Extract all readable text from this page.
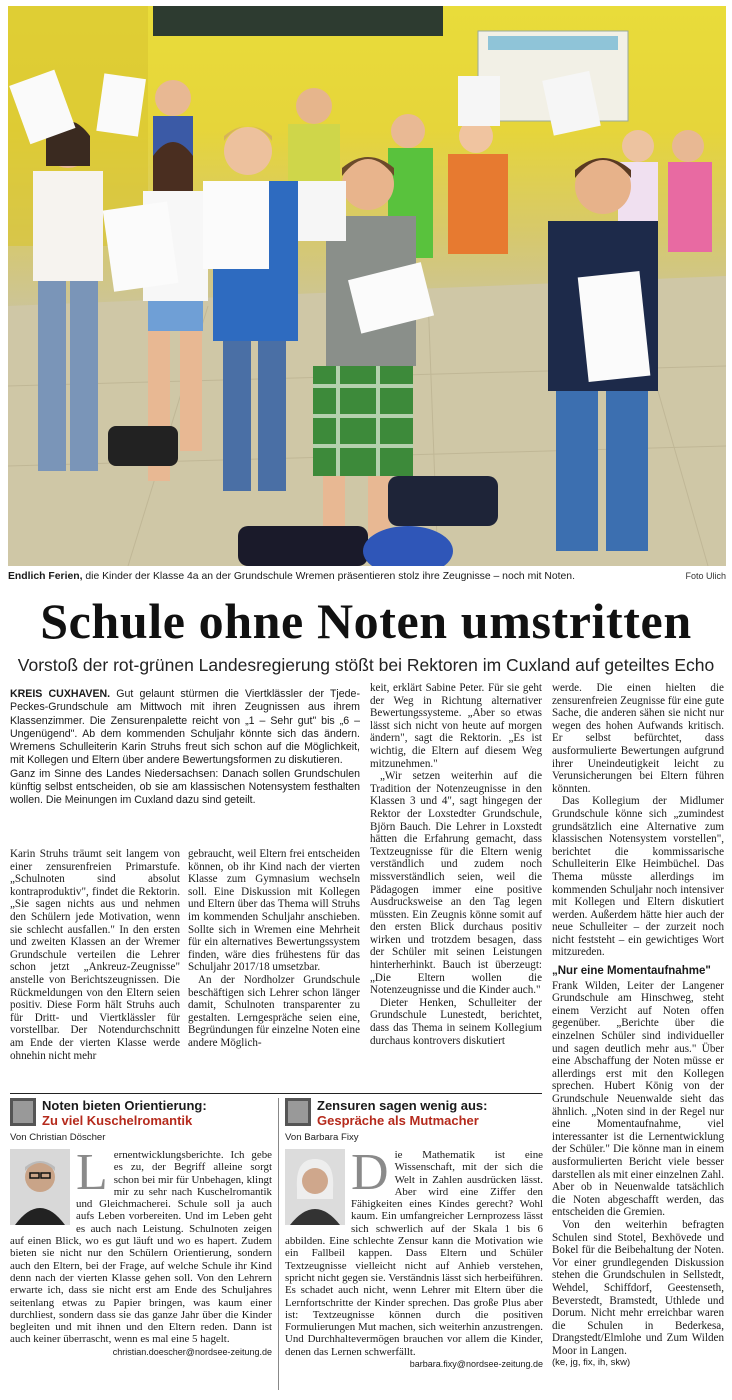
Endlich Ferien, die Kinder der Klasse 4a an der Grundschule Wremen präsentieren stolz ihre Zeugnisse – noch mit Noten.	Foto Ulich
Schule ohne Noten umstritten
Vorstoß der rot-grünen Landesregierung stößt bei Rektoren im Cuxland auf geteiltes Echo

KREIS CUXHAVEN. Gut gelaunt stürmen die Viertklässler der Tjede-Peckes-Grundschule am Mittwoch mit ihren Zeugnissen aus ihrem Klassenzimmer. Die Zensurenpalette reicht von „1 – Sehr gut" bis „6 – Ungenügend". Ab dem kommenden Schuljahr könnte sich das ändern. Wremens Schulleiterin Karin Struhs freut sich schon auf die Möglichkeit, mit Kollegen und Eltern über andere Bewertungsformen zu diskutieren.

Ganz im Sinne des Landes Niedersachsen: Danach sollen Grundschulen künftig selbst entscheiden, ob sie am klassischen Notensystem festhalten wollen. Die Meinungen im Cuxland dazu sind geteilt.

Karin Struhs träumt seit langem von einer zensurenfreien Primarstufe. „Schulnoten sind absolut kontraproduktiv", findet die Rektorin. „Sie sagen nichts aus und nehmen den Schülern jede Motivation, wenn sie schlecht ausfallen." In den ersten und zweiten Klassen an der Wremer Grundschule verteilen die Lehrer schon jetzt „Ankreuz-Zeugnisse" anstelle von Berichtszeugnissen. Die Rückmeldungen von den Eltern seien positiv. Diese Form hält Struhs auch für Dritt- und Viertklässler für vorstellbar. Der Notendurchschnitt am Ende der vierten Klasse werde ohnehin nicht mehr

gebraucht, weil Eltern frei entscheiden können, ob ihr Kind nach der vierten Klasse zum Gymnasium wechseln soll. Eine Diskussion mit Kollegen und Eltern über das Thema will Struhs im kommenden Schuljahr anschieben. Sollte sich in Wremen eine Mehrheit für ein alternatives Bewertungssystem finden, wäre dies frühestens für das Schuljahr 2017/18 umsetzbar.

An der Nordholzer Grundschule beschäftigen sich Lehrer schon länger damit, Schulnoten transparenter zu gestalten. Lerngespräche seien eine, Begründungen für einzelne Noten eine andere Möglich-

keit, erklärt Sabine Peter. Für sie geht der Weg in Richtung alternativer Bewertungssysteme. „Aber so etwas lässt sich nicht von heute auf morgen ändern", sagt die Rektorin. „Es ist wichtig, die Eltern auf diesem Weg mitzunehmen."

„Wir setzen weiterhin auf die Tradition der Notenzeugnisse in den Klassen 3 und 4", sagt hingegen der Rektor der Loxstedter Grundschule, Björn Bauch. Die Lehrer in Loxstedt hätten die Erfahrung gemacht, dass Textzeugnisse für die Eltern wenig verständlich und zudem noch missverständlich seien, weil die Pädagogen immer eine positive Ausdrucksweise an den Tag legen müssten. Ein Zeugnis könne somit auf den ersten Blick durchaus positiv wirken und trotzdem besagen, dass der Schüler mit seinen Leistungen hinterherhinkt. Bauch ist überzeugt: „Die Eltern wollen die Notenzeugnisse und die Kinder auch."

Dieter Henken, Schulleiter der Grundschule Lunestedt, berichtet, dass das Thema in seinem Kollegium durchaus kontrovers diskutiert

werde. Die einen hielten die zensurenfreien Zeugnisse für eine gute Sache, die anderen sähen sie nicht nur wegen des hohen Aufwands kritisch. Er selbst befürchtet, dass ausformulierte Bewertungen aufgrund ihrer Uneindeutigkeit leicht zu Verunsicherungen bei Eltern führen könnten.

Das Kollegium der Midlumer Grundschule könne sich „zumindest grundsätzlich eine Alternative zum klassischen Notensystem vorstellen", berichtet die kommissarische Schulleiterin Elke Heimbüchel. Das Thema müsste allerdings im kommenden Schuljahr noch intensiver mit Kollegen und Eltern diskutiert werden. Außerdem hätte hier auch der neue Schulleiter – der zurzeit noch nicht feststeht – ein gewichtiges Wort mitzureden.

„Nur eine Momentaufnahme"

Frank Wilden, Leiter der Langener Grundschule am Hinschweg, steht einem Verzicht auf Noten offen gegenüber. „Berichte über die einzelnen Schüler sind individueller und sagen deutlich mehr aus." Über eine Abschaffung der Noten müsse er allerdings erst mit den Kollegen sprechen. Hubert König von der Grundschule Neuenwalde sieht das ähnlich. „Noten sind in der Regel nur eine Momentaufnahme, viel interessanter ist die Lernentwicklung der Schüler." Die könne man in einem ausformulierten Bericht viele besser darstellen als mit einer einzelnen Zahl. Aber ob in Neuenwalde tatsächlich die Noten abgeschafft werden, das entscheiden die Gremien.

Von den weiterhin befragten Schulen sind Stotel, Bexhövede und Bokel für die Beibehaltung der Noten. Vor einer grundlegenden Diskussion stehen die Grundschulen in Sellstedt, Wehdel, Schiffdorf, Geestenseth, Beverstedt, Bramstedt, Uthlede und Dorum. Nicht mehr erreichbar waren die Schulen in Bederkesa, Drangstedt/Elmlohe und Zum Wilden Moor in Langen.

(ke, jg, fix, ih, skw)
Noten bieten Orientierung:
Zu viel Kuschelromantik
Von Christian Döscher
L ernentwicklungsberichte. Ich gebe es zu, der Begriff alleine sorgt schon bei mir für Unbehagen, klingt mir zu sehr nach Kuschelromantik und Gleichmacherei. Schule soll ja auch aufs Leben vorbereiten. Und im Leben geht es auch nach Leistung. Schulnoten zeigen auf einen Blick, wo es gut läuft und wo es hapert. Zudem bieten sie nicht nur den Schülern Orientierung, sondern auch den Eltern, bei der Frage, auf welche Schule ihr Kind denn nach der vierten Klasse gehen soll. Von den Lehrern erwarte ich, dass sie nicht erst am Ende des Schuljahres seitenlang etwas zu Papier bringen, was kaum einer durchliest, sondern dass sie das ganze Jahr über die Kinder begleiten und mit ihnen und den Eltern reden. Dann ist auch keiner überrascht, wenn es mal eine 5 hagelt.
christian.doescher@nordsee-zeitung.de
Zensuren sagen wenig aus:
Gespräche als Mutmacher
Von Barbara Fixy
D ie Mathematik ist eine Wissenschaft, mit der sich die Welt in Zahlen ausdrücken lässt. Aber wird eine Ziffer den Fähigkeiten eines Kindes gerecht? Wohl kaum. Ein umfangreicher Lernprozess lässt sich schwerlich auf der Skala 1 bis 6 abbilden. Eine schlechte Zensur kann die Motivation wie ein Fallbeil kappen. Dass Eltern und Schüler Textzeugnisse vielleicht nicht auf Anhieb verstehen, spricht nicht gegen sie. Verständnis lässt sich herbeiführen. Es schadet auch nicht, wenn Lehrer mit Eltern über die Lernfortschritte der Kinder sprechen. Das große Plus aber ist: Textzeugnisse können durch die positiven Formulierungen Mut machen, sich weiterhin anzustrengen. Und Durchhaltevermögen brauchen vor allem die Kinder, denen das Lernen schwerfällt.
barbara.fixy@nordsee-zeitung.de
